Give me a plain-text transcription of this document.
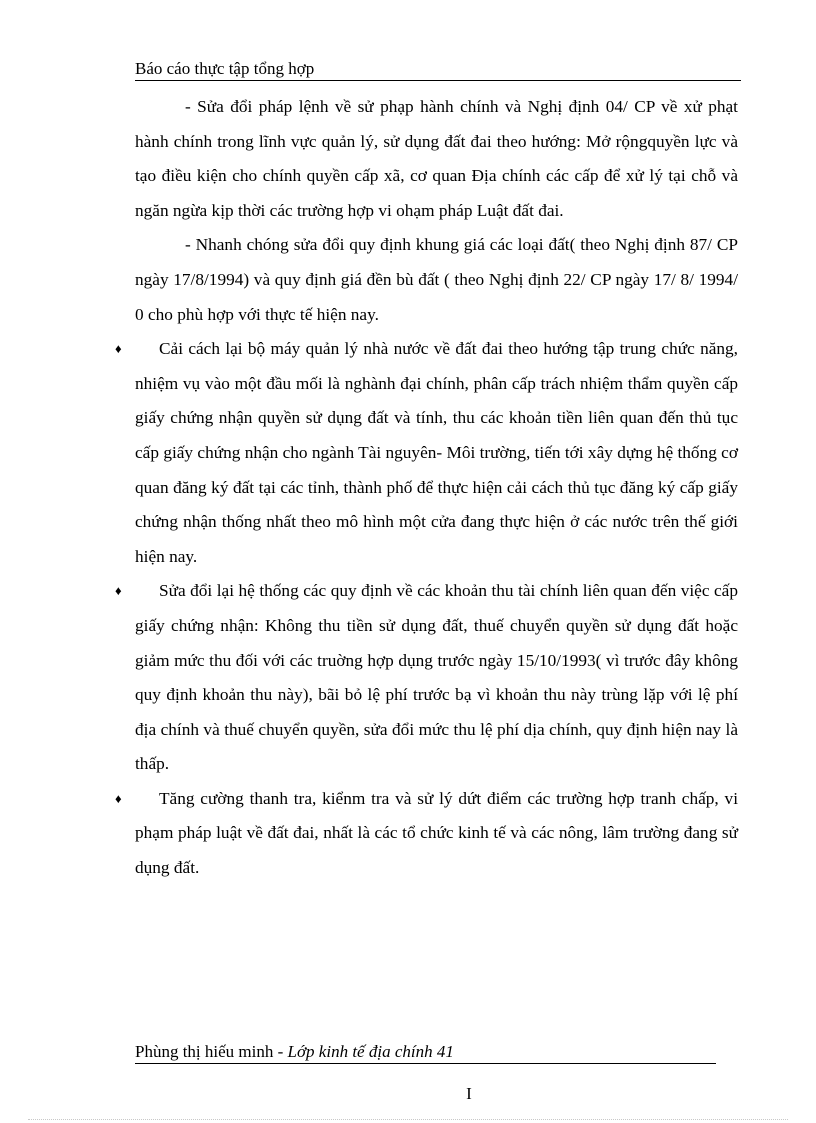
Báo cáo thực tập tổng hợp

- Sửa đổi pháp lệnh về sử phạp hành chính và Nghị định 04/ CP về xử phạt hành chính trong lĩnh vực quản lý, sử dụng đất đai theo hướng: Mở rộngquyền lực và tạo điều kiện cho chính quyền cấp xã, cơ quan Địa chính các cấp để xử lý tại chỗ và ngăn ngừa kịp thời các trường hợp vi ohạm pháp Luật đất đai.

- Nhanh chóng sửa đổi quy định khung giá các loại đất( theo Nghị định 87/ CP ngày 17/8/1994) và quy định giá đền bù đất ( theo Nghị định 22/ CP ngày 17/ 8/ 1994/ 0 cho phù hợp với thực tế hiện nay.

♦ Cải cách lại bộ máy quản lý nhà nước về đất đai theo hướng tập trung chức năng, nhiệm vụ vào một đầu mối là nghành đại chính, phân cấp trách nhiệm thẩm quyền cấp giấy chứng nhận quyền sử dụng đất và tính, thu các khoản tiền liên quan đến thủ tục cấp giấy chứng nhận cho ngành Tài nguyên- Môi trường, tiến tới xây dựng hệ thống cơ quan đăng ký đất tại các tỉnh, thành phố để thực hiện cải cách thủ tục đăng ký cấp giấy chứng nhận thống nhất theo mô hình một cửa đang thực hiện ở các nước trên thế giới hiện nay.

♦ Sửa đổi lại hệ thống các quy định về các khoản thu tài chính liên quan đến việc cấp giấy chứng nhận: Không thu tiền sử dụng đất, thuế chuyển quyền sử dụng đất hoặc giảm mức thu đối với các truờng hợp dụng trước ngày 15/10/1993( vì trước đây không quy định khoản thu này), bãi bỏ lệ phí trước bạ vì khoản thu này trùng lặp với lệ phí địa chính và thuế chuyển quyền, sửa đổi mức thu lệ phí dịa chính, quy định hiện nay là thấp.

♦ Tăng cường thanh tra, kiểnm tra và sử lý dứt điểm các trường hợp tranh chấp, vi phạm pháp luật về đất đai, nhất là các tổ chức kinh tế và các nông, lâm trường đang sử dụng đất.

Phùng thị hiếu minh - Lớp kinh tế địa chính 41
I
